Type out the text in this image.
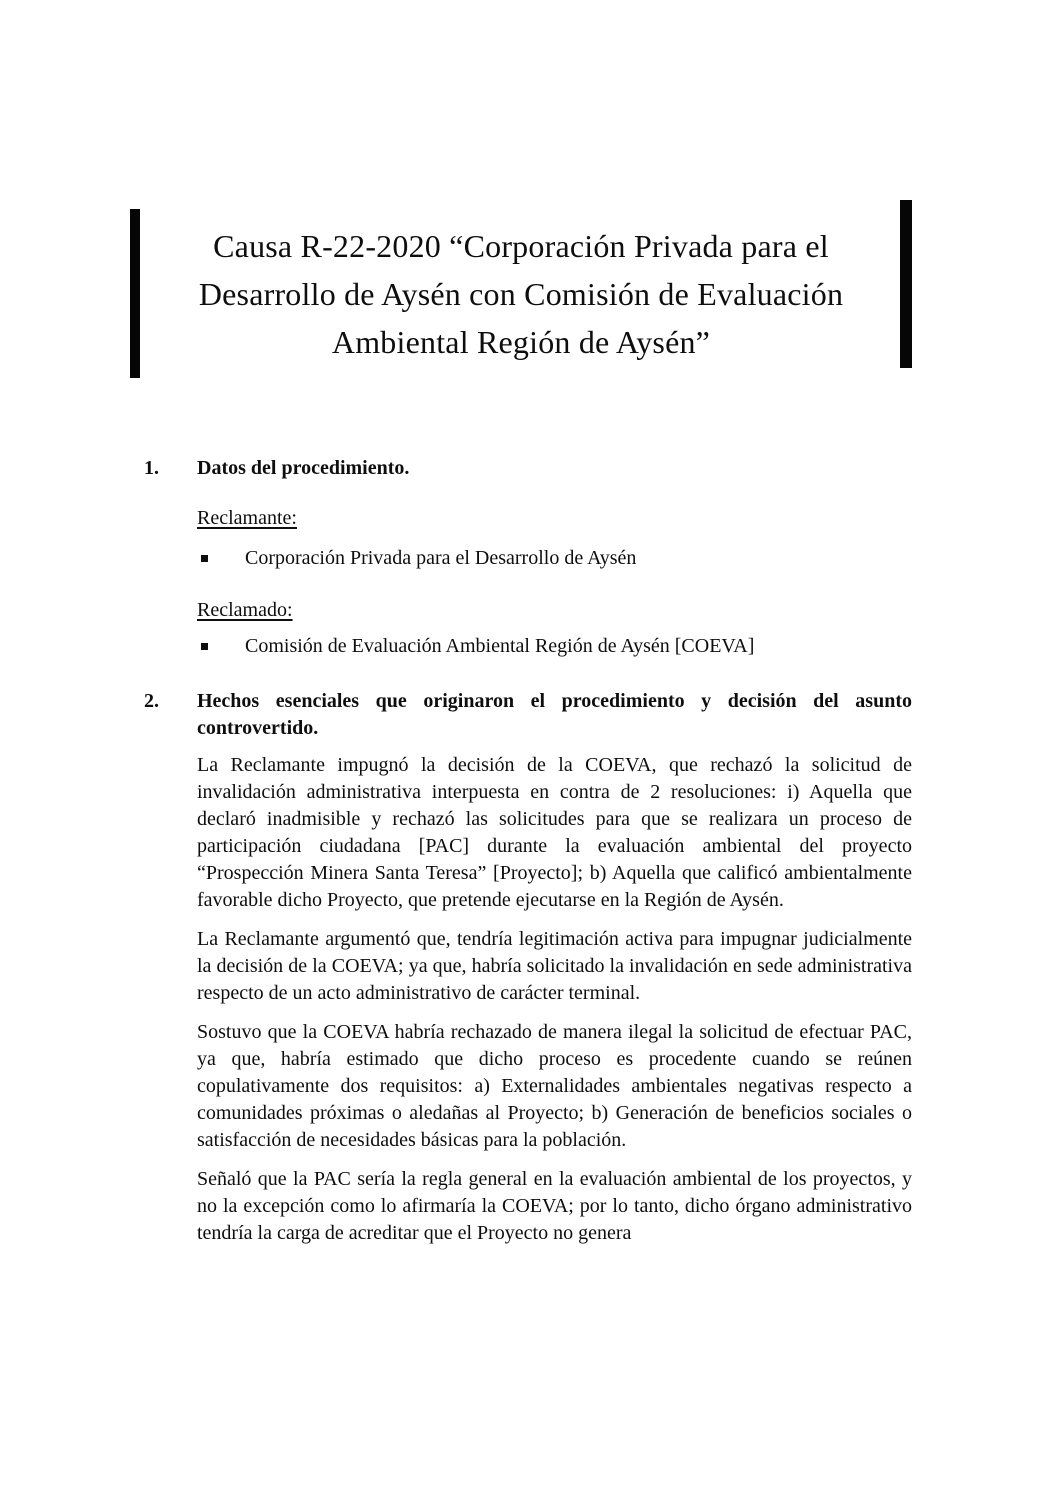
Causa R-22-2020 “Corporación Privada para el
Desarrollo de Aysén con Comisión de Evaluación
Ambiental Región de Aysén”
1.	Datos del procedimiento.

Reclamante:

Corporación Privada para el Desarrollo de Aysén

Reclamado:

Comisión de Evaluación Ambiental Región de Aysén [COEVA]
2.	Hechos esenciales que originaron el procedimiento y decisión del asunto controvertido.

La Reclamante impugnó la decisión de la COEVA, que rechazó la solicitud de invalidación administrativa interpuesta en contra de 2 resoluciones: i) Aquella que declaró inadmisible y rechazó las solicitudes para que se realizara un proceso de participación ciudadana [PAC] durante la evaluación ambiental del proyecto “Prospección Minera Santa Teresa” [Proyecto]; b) Aquella que calificó ambientalmente favorable dicho Proyecto, que pretende ejecutarse en la Región de Aysén.

La Reclamante argumentó que, tendría legitimación activa para impugnar judicialmente la decisión de la COEVA; ya que, habría solicitado la invalidación en sede administrativa respecto de un acto administrativo de carácter terminal.

Sostuvo que la COEVA habría rechazado de manera ilegal la solicitud de efectuar PAC, ya que, habría estimado que dicho proceso es procedente cuando se reúnen copulativamente dos requisitos: a) Externalidades ambientales negativas respecto a comunidades próximas o aledañas al Proyecto; b) Generación de beneficios sociales o satisfacción de necesidades básicas para la población.

Señaló que la PAC sería la regla general en la evaluación ambiental de los proyectos, y no la excepción como lo afirmaría la COEVA; por lo tanto, dicho órgano administrativo tendría la carga de acreditar que el Proyecto no genera
